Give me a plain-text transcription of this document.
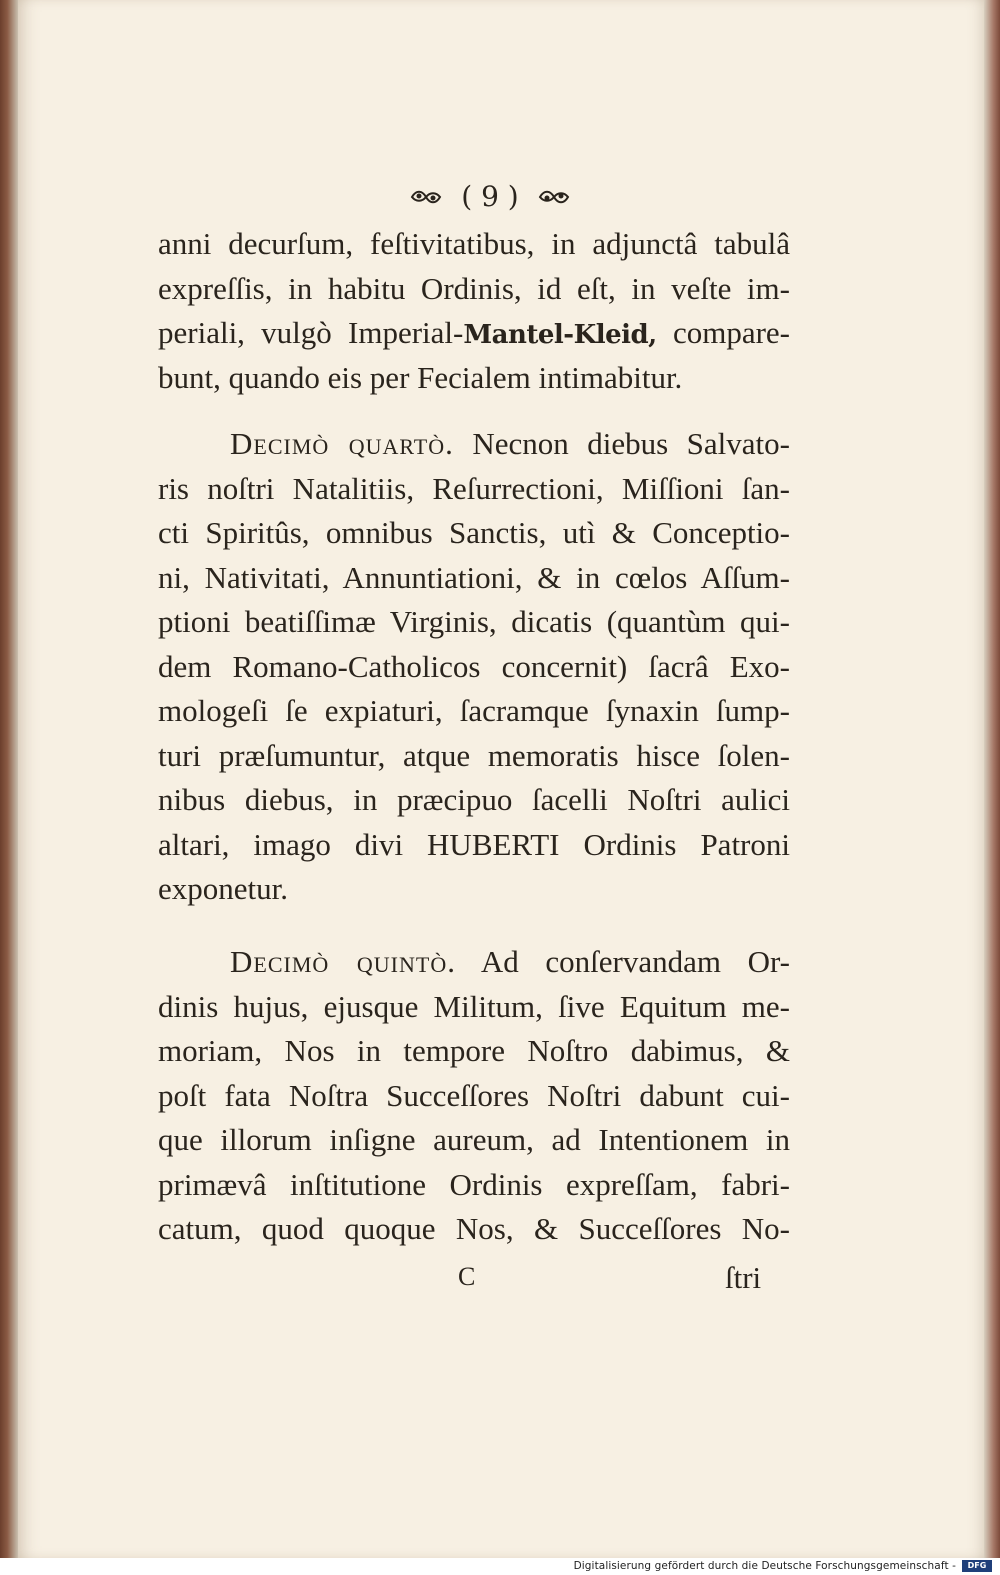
( 9 )
anni decurſum, feſtivitatibus, in adjunctâ tabulâ
expreſſis, in habitu Ordinis, id eſt, in veſte im-
periali, vulgò Imperial-Mantel-Kleid, compare-
bunt, quando eis per Fecialem intimabitur.
Decimò quartò. Necnon diebus Salvato-
ris noſtri Natalitiis, Reſurrectioni, Miſſioni ſan-
cti Spiritûs, omnibus Sanctis, utì & Conceptio-
ni, Nativitati, Annuntiationi, & in cœlos Aſſum-
ptioni beatiſſimæ Virginis, dicatis (quantùm qui-
dem Romano-Catholicos concernit) ſacrâ Exo-
mologeſi ſe expiaturi, ſacramque ſynaxin ſump-
turi præſumuntur, atque memoratis hisce ſolen-
nibus diebus, in præcipuo ſacelli Noſtri aulici
altari, imago divi HUBERTI Ordinis Patroni
exponetur.
Decimò quintò. Ad conſervandam Or-
dinis hujus, ejusque Militum, ſive Equitum me-
moriam, Nos in tempore Noſtro dabimus, &
poſt fata Noſtra Succeſſores Noſtri dabunt cui-
que illorum inſigne aureum, ad Intentionem in
primævâ inſtitutione Ordinis expreſſam, fabri-
catum, quod quoque Nos, & Succeſſores No-
C	ſtri
Digitalisierung gefördert durch die Deutsche Forschungsgemeinschaft -	DFG
